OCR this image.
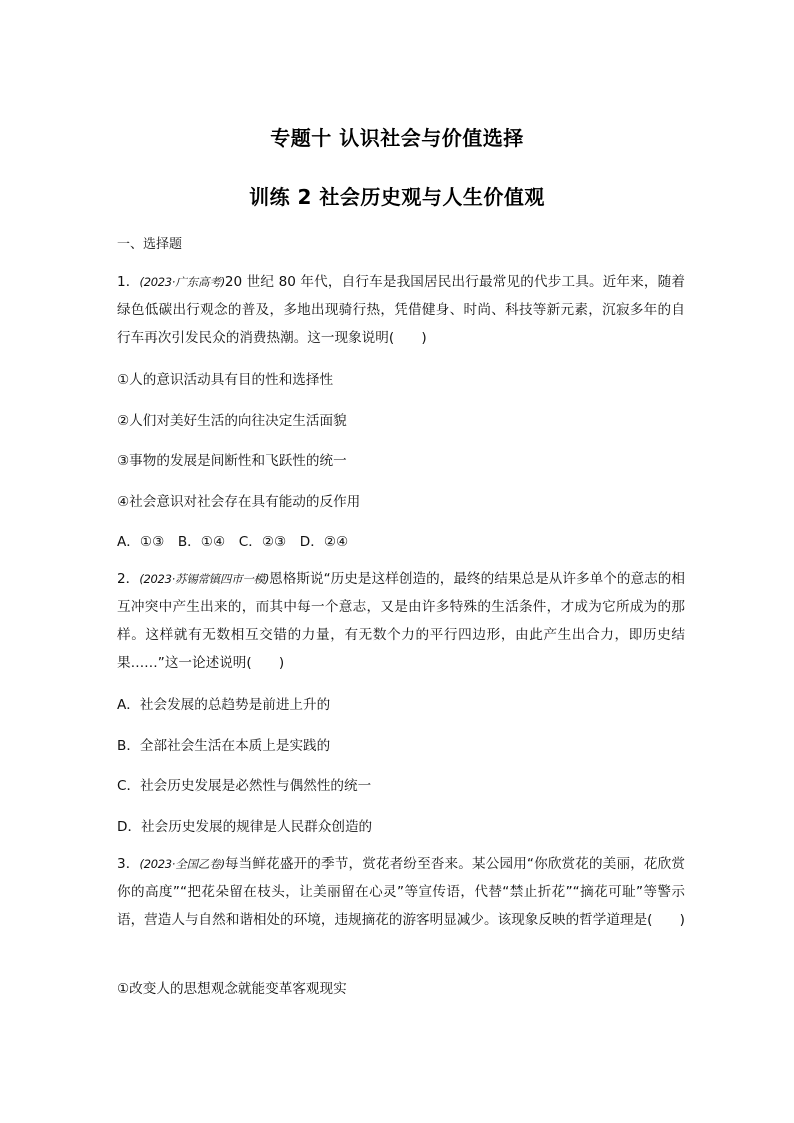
专题十 认识社会与价值选择
训练 2 社会历史观与人生价值观
一、选择题
1．(2023·广东高考)20 世纪 80 年代，自行车是我国居民出行最常见的代步工具。近年来，随着绿色低碳出行观念的普及，多地出现骑行热，凭借健身、时尚、科技等新元素，沉寂多年的自行车再次引发民众的消费热潮。这一现象说明(　　)
①人的意识活动具有目的性和选择性
②人们对美好生活的向往决定生活面貌
③事物的发展是间断性和飞跃性的统一
④社会意识对社会存在具有能动的反作用
A．①③　B．①④　C．②③　D．②④
2．(2023·苏锡常镇四市一模)恩格斯说“历史是这样创造的，最终的结果总是从许多单个的意志的相互冲突中产生出来的，而其中每一个意志，又是由许多特殊的生活条件，才成为它所成为的那样。这样就有无数相互交错的力量，有无数个力的平行四边形，由此产生出合力，即历史结果……”这一论述说明(　　)
A．社会发展的总趋势是前进上升的
B．全部社会生活在本质上是实践的
C．社会历史发展是必然性与偶然性的统一
D．社会历史发展的规律是人民群众创造的
3．(2023·全国乙卷)每当鲜花盛开的季节，赏花者纷至沓来。某公园用“你欣赏花的美丽，花欣赏你的高度”“把花朵留在枝头，让美丽留在心灵”等宣传语，代替“禁止折花”“摘花可耻”等警示语，营造人与自然和谐相处的环境，违规摘花的游客明显减少。该现象反映的哲学道理是(　　)
①改变人的思想观念就能变革客观现实
